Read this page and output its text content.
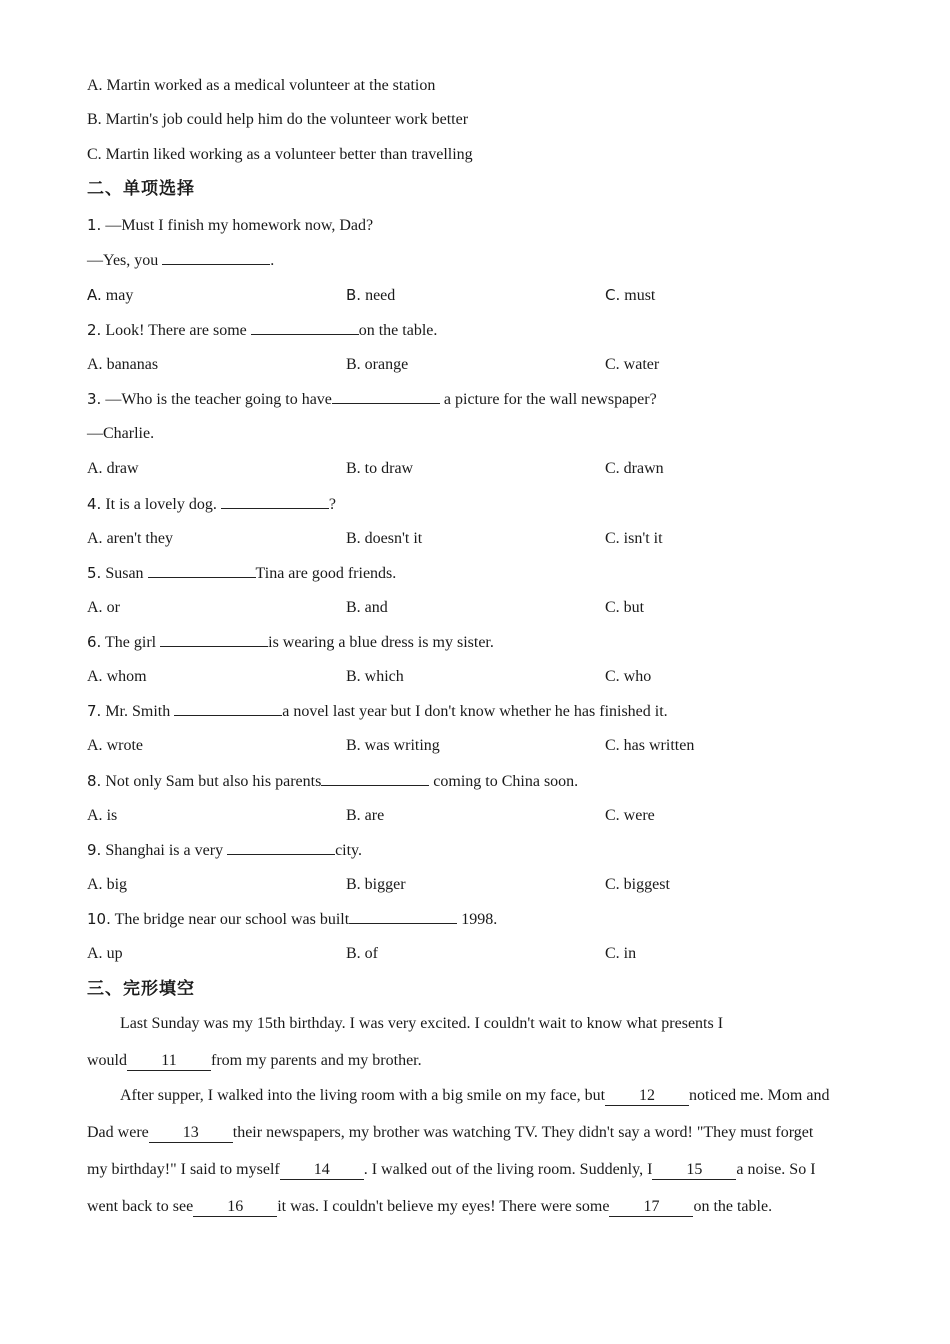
A. Martin worked as a medical volunteer at the station
B. Martin's job could help him do the volunteer work better
C. Martin liked working as a volunteer better than travelling
二、单项选择
1. —Must I finish my homework now, Dad?
—Yes, you	.
A. may	B. need	C. must
2. Look! There are some	on the table.
A. bananas	B. orange	C. water
3. —Who is the teacher going to have	a picture for the wall newspaper?
—Charlie.
A. draw	B. to draw	C. drawn
4. It is a lovely dog.	?
A. aren't they	B. doesn't it	C. isn't it
5. Susan	Tina are good friends.
A. or	B. and	C. but
6. The girl	is wearing a blue dress is my sister.
A. whom	B. which	C. who
7. Mr. Smith	a novel last year but I don't know whether he has finished it.
A. wrote	B. was writing	C. has written
8. Not only Sam but also his parents	coming to China soon.
A. is	B. are	C. were
9. Shanghai is a very	city.
A. big	B. bigger	C. biggest
10. The bridge near our school was built	1998.
A. up	B. of	C. in
三、完形填空
Last Sunday was my 15th birthday. I was very excited. I couldn't wait to know what presents I
would 11 from my parents and my brother.
After supper, I walked into the living room with a big smile on my face, but 12 noticed me. Mom and
Dad were 13 their newspapers, my brother was watching TV. They didn't say a word! "They must forget
my birthday!" I said to myself 14 . I walked out of the living room. Suddenly, I 15 a noise. So I
went back to see 16 it was. I couldn't believe my eyes! There were some 17 on the table.
